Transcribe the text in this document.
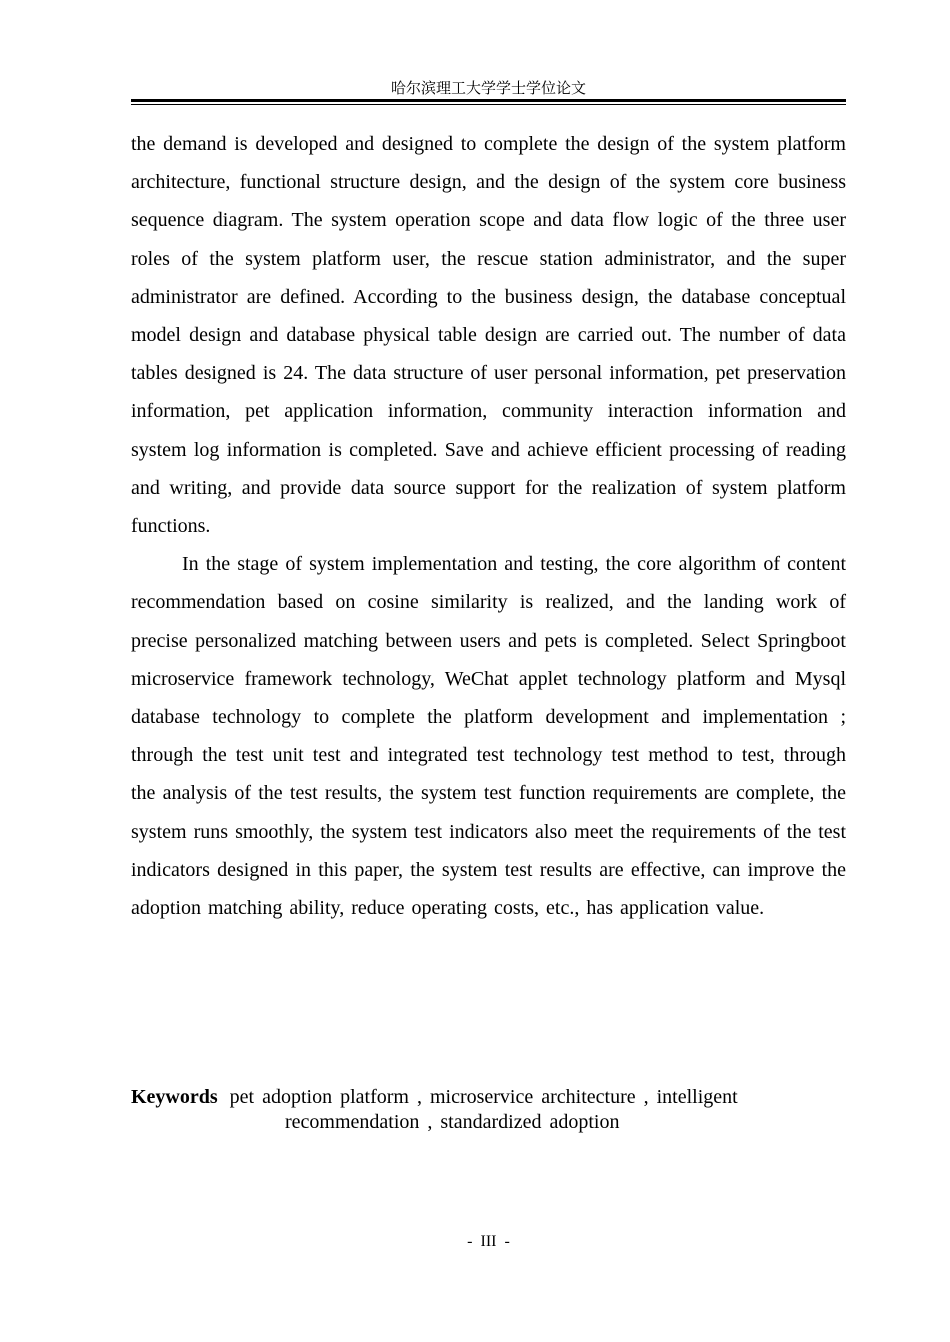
哈尔滨理工大学学士学位论文

the demand is developed and designed to complete the design of the system platform architecture, functional structure design, and the design of the system core business sequence diagram. The system operation scope and data flow logic of the three user roles of the system platform user, the rescue station administrator, and the super administrator are defined. According to the business design, the database conceptual model design and database physical table design are carried out. The number of data tables designed is 24. The data structure of user personal information, pet preservation information, pet application information, community interaction information and system log information is completed. Save and achieve efficient processing of reading and writing, and provide data source support for the realization of system platform functions.

In the stage of system implementation and testing, the core algorithm of content recommendation based on cosine similarity is realized, and the landing work of precise personalized matching between users and pets is completed. Select Springboot microservice framework technology, WeChat applet technology platform and Mysql database technology to complete the platform development and implementation ; through the test unit test and integrated test technology test method to test, through the analysis of the test results, the system test function requirements are complete, the system runs smoothly, the system test indicators also meet the requirements of the test indicators designed in this paper, the system test results are effective, can improve the adoption matching ability, reduce operating costs, etc., has application value.

Keywords pet adoption platform , microservice architecture , intelligent
recommendation , standardized adoption
- III -
